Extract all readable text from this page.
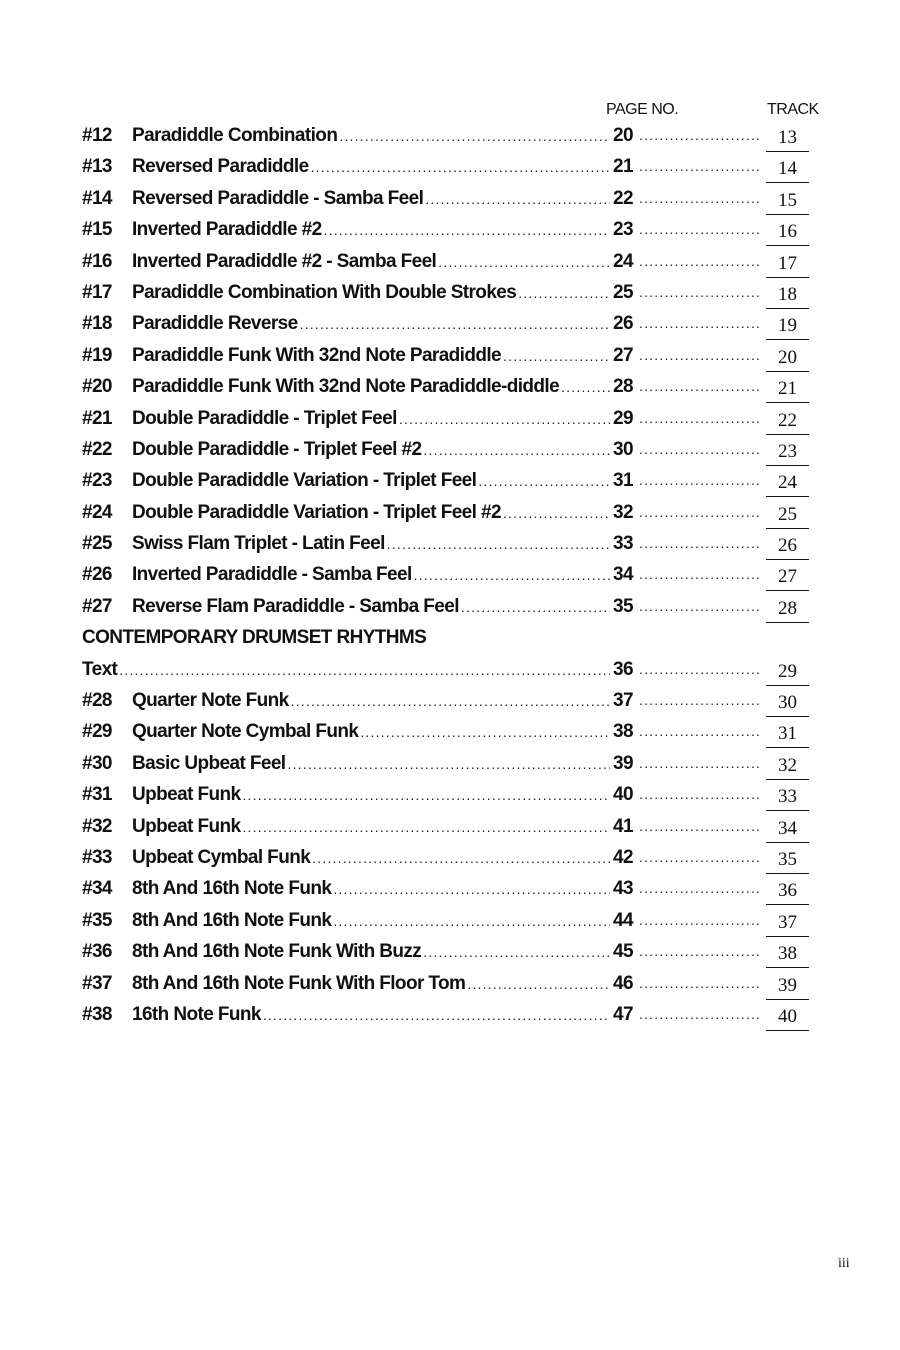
PAGE NO.	TRACK
#12	Paradiddle Combination .....	20 .....	13
#13	Reversed Paradiddle .....	21 .....	14
#14	Reversed Paradiddle - Samba Feel .....	22 .....	15
#15	Inverted Paradiddle #2 .....	23 .....	16
#16	Inverted Paradiddle #2 - Samba Feel .....	24 .....	17
#17	Paradiddle Combination With Double Strokes .....	25 .....	18
#18	Paradiddle Reverse .....	26 .....	19
#19	Paradiddle Funk With 32nd Note Paradiddle .....	27 .....	20
#20	Paradiddle Funk With 32nd Note Paradiddle-diddle .....	28 .....	21
#21	Double Paradiddle - Triplet Feel .....	29 .....	22
#22	Double Paradiddle - Triplet Feel #2 .....	30 .....	23
#23	Double Paradiddle Variation - Triplet Feel .....	31 .....	24
#24	Double Paradiddle Variation - Triplet Feel #2 .....	32 .....	25
#25	Swiss Flam Triplet - Latin Feel .....	33 .....	26
#26	Inverted Paradiddle - Samba Feel .....	34 .....	27
#27	Reverse Flam Paradiddle - Samba Feel .....	35 .....	28
CONTEMPORARY DRUMSET RHYTHMS
Text .....	36 .....	29
#28	Quarter Note Funk .....	37 .....	30
#29	Quarter Note Cymbal Funk .....	38 .....	31
#30	Basic Upbeat Feel .....	39 .....	32
#31	Upbeat Funk .....	40 .....	33
#32	Upbeat Funk .....	41 .....	34
#33	Upbeat Cymbal Funk .....	42 .....	35
#34	8th And 16th Note Funk .....	43 .....	36
#35	8th And 16th Note Funk .....	44 .....	37
#36	8th And 16th Note Funk With Buzz .....	45 .....	38
#37	8th And 16th Note Funk With Floor Tom .....	46 .....	39
#38	16th Note Funk .....	47 .....	40
iii
